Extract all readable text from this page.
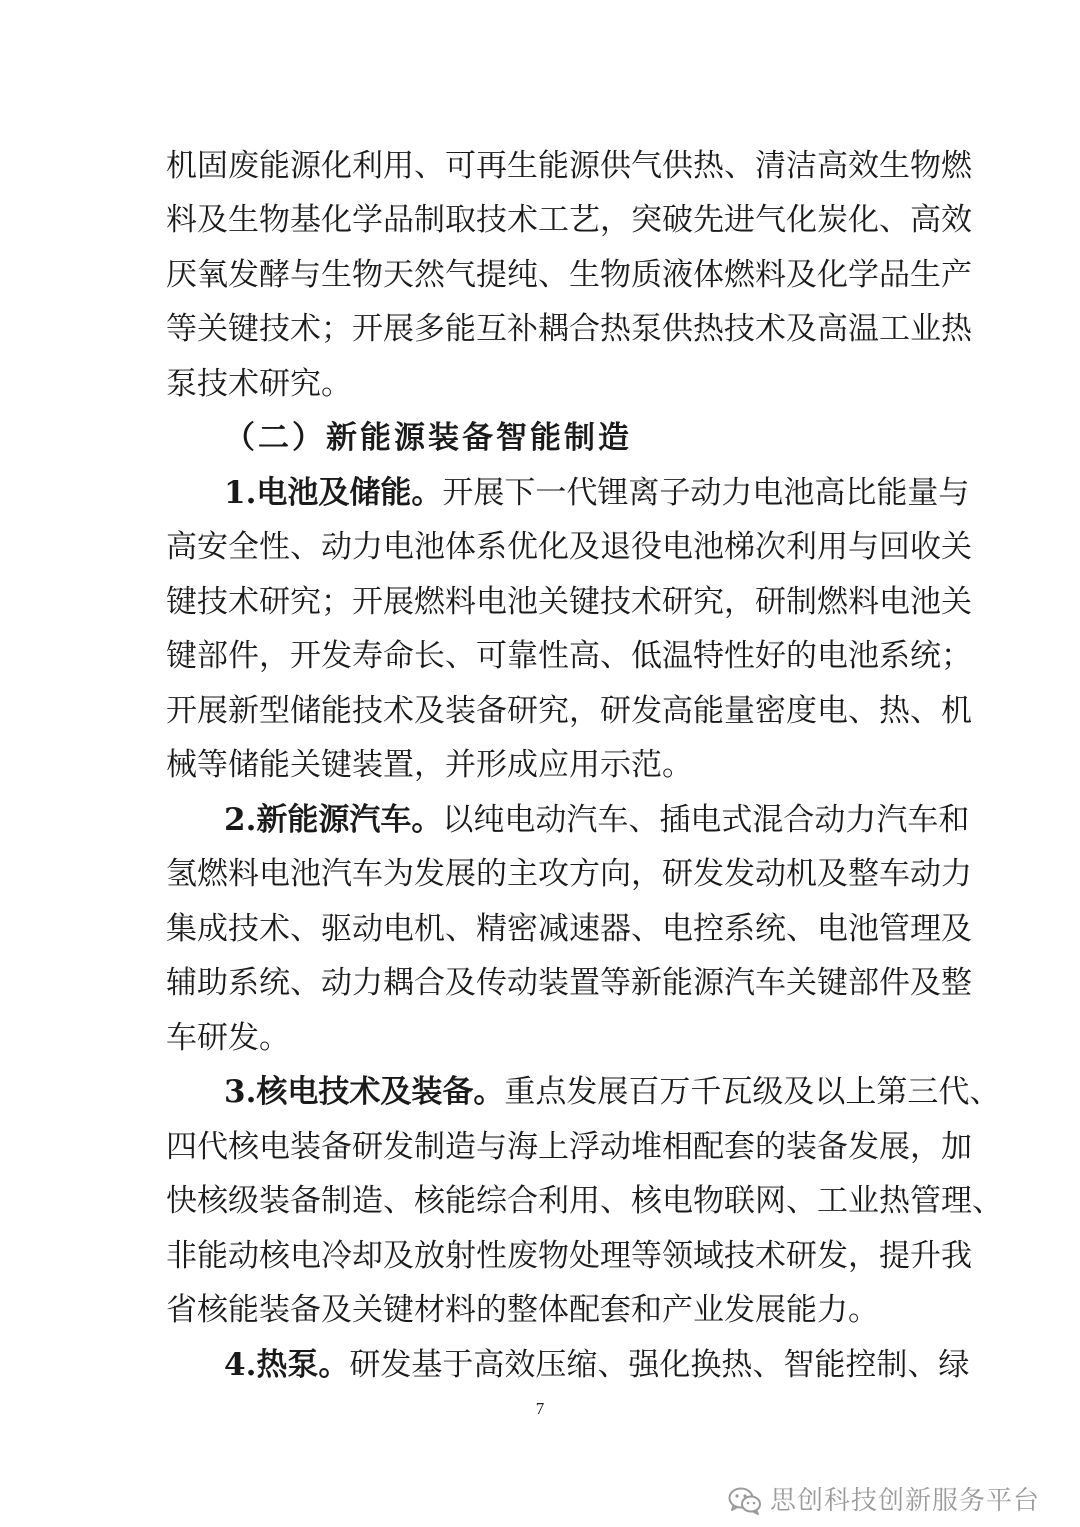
机固废能源化利用、可再生能源供气供热、清洁高效生物燃
料及生物基化学品制取技术工艺，突破先进气化炭化、高效
厌氧发酵与生物天然气提纯、生物质液体燃料及化学品生产
等关键技术；开展多能互补耦合热泵供热技术及高温工业热
泵技术研究。
（二）新能源装备智能制造
1.电池及储能。开展下一代锂离子动力电池高比能量与
高安全性、动力电池体系优化及退役电池梯次利用与回收关
键技术研究；开展燃料电池关键技术研究，研制燃料电池关
键部件，开发寿命长、可靠性高、低温特性好的电池系统；
开展新型储能技术及装备研究，研发高能量密度电、热、机
械等储能关键装置，并形成应用示范。
2.新能源汽车。以纯电动汽车、插电式混合动力汽车和
氢燃料电池汽车为发展的主攻方向，研发发动机及整车动力
集成技术、驱动电机、精密减速器、电控系统、电池管理及
辅助系统、动力耦合及传动装置等新能源汽车关键部件及整
车研发。
3.核电技术及装备。重点发展百万千瓦级及以上第三代、
四代核电装备研发制造与海上浮动堆相配套的装备发展，加
快核级装备制造、核能综合利用、核电物联网、工业热管理、
非能动核电冷却及放射性废物处理等领域技术研发，提升我
省核能装备及关键材料的整体配套和产业发展能力。
4.热泵。研发基于高效压缩、强化换热、智能控制、绿
7
思创科技创新服务平台
